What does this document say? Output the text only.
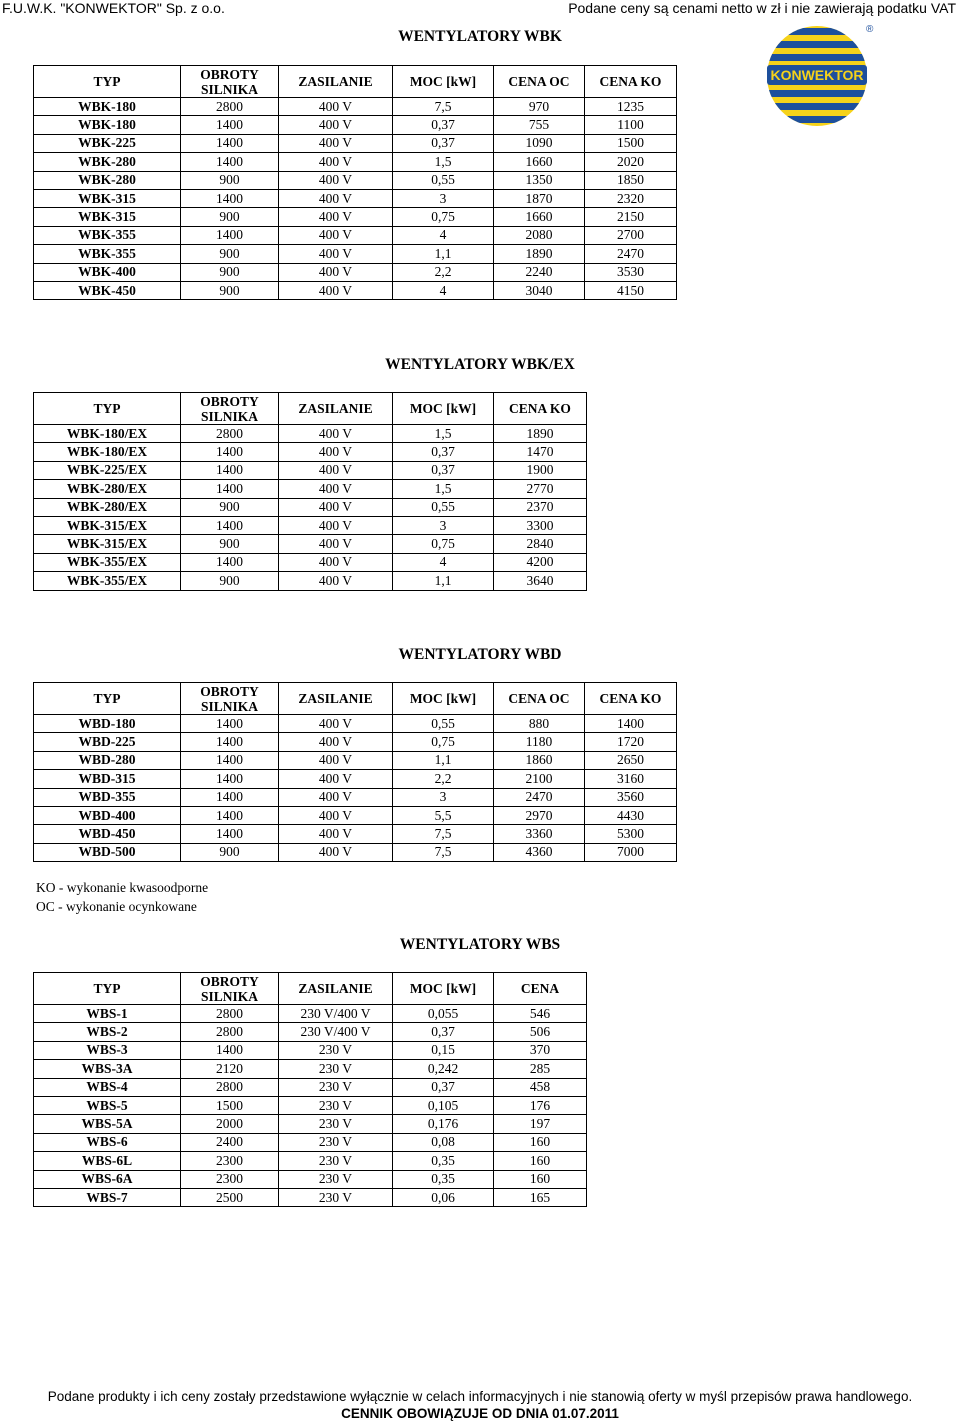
F.U.W.K. "KONWEKTOR" Sp. z o.o.	Podane ceny są cenami netto w zł i nie zawierają podatku VAT
KONWEKTOR
®
WENTYLATORY WBK
TYP	OBROTY SILNIKA	ZASILANIE	MOC [kW]	CENA OC	CENA KO
WBK-180	2800	400 V	7,5	970	1235
WBK-180	1400	400 V	0,37	755	1100
WBK-225	1400	400 V	0,37	1090	1500
WBK-280	1400	400 V	1,5	1660	2020
WBK-280	900	400 V	0,55	1350	1850
WBK-315	1400	400 V	3	1870	2320
WBK-315	900	400 V	0,75	1660	2150
WBK-355	1400	400 V	4	2080	2700
WBK-355	900	400 V	1,1	1890	2470
WBK-400	900	400 V	2,2	2240	3530
WBK-450	900	400 V	4	3040	4150
WENTYLATORY WBK/EX
TYP	OBROTY SILNIKA	ZASILANIE	MOC [kW]	CENA KO
WBK-180/EX	2800	400 V	1,5	1890
WBK-180/EX	1400	400 V	0,37	1470
WBK-225/EX	1400	400 V	0,37	1900
WBK-280/EX	1400	400 V	1,5	2770
WBK-280/EX	900	400 V	0,55	2370
WBK-315/EX	1400	400 V	3	3300
WBK-315/EX	900	400 V	0,75	2840
WBK-355/EX	1400	400 V	4	4200
WBK-355/EX	900	400 V	1,1	3640
WENTYLATORY WBD
TYP	OBROTY SILNIKA	ZASILANIE	MOC [kW]	CENA OC	CENA KO
WBD-180	1400	400 V	0,55	880	1400
WBD-225	1400	400 V	0,75	1180	1720
WBD-280	1400	400 V	1,1	1860	2650
WBD-315	1400	400 V	2,2	2100	3160
WBD-355	1400	400 V	3	2470	3560
WBD-400	1400	400 V	5,5	2970	4430
WBD-450	1400	400 V	7,5	3360	5300
WBD-500	900	400 V	7,5	4360	7000
KO - wykonanie kwasoodporne
OC - wykonanie ocynkowane
WENTYLATORY WBS
TYP	OBROTY SILNIKA	ZASILANIE	MOC [kW]	CENA
WBS-1	2800	230 V/400 V	0,055	546
WBS-2	2800	230 V/400 V	0,37	506
WBS-3	1400	230 V	0,15	370
WBS-3A	2120	230 V	0,242	285
WBS-4	2800	230 V	0,37	458
WBS-5	1500	230 V	0,105	176
WBS-5A	2000	230 V	0,176	197
WBS-6	2400	230 V	0,08	160
WBS-6L	2300	230 V	0,35	160
WBS-6A	2300	230 V	0,35	160
WBS-7	2500	230 V	0,06	165
Podane produkty i ich ceny zostały przedstawione wyłącznie w celach informacyjnych i nie stanowią oferty w myśl przepisów prawa handlowego.
CENNIK OBOWIĄZUJE OD DNIA 01.07.2011
